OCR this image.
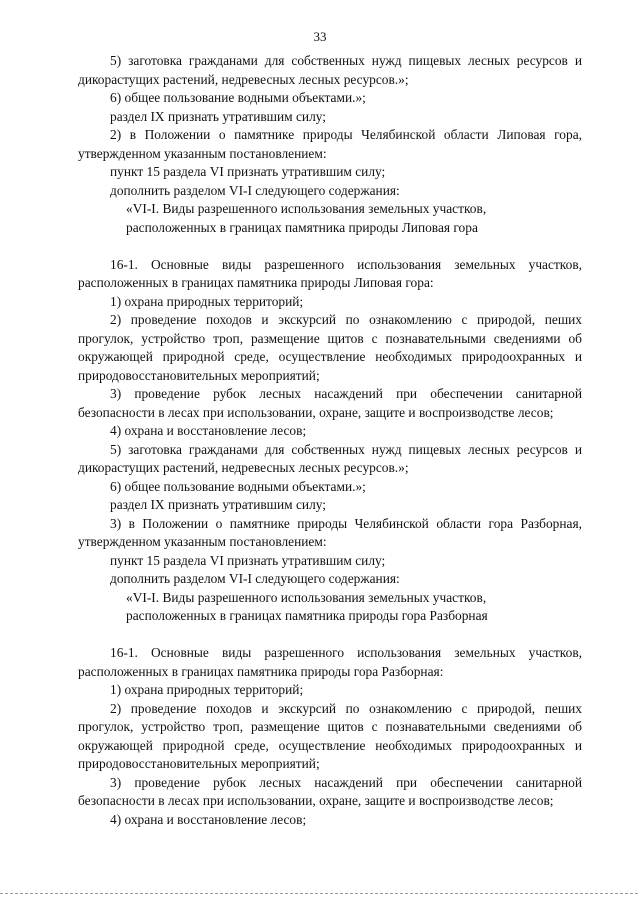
33

5) заготовка гражданами для собственных нужд пищевых лесных ресурсов и дикорастущих растений, недревесных лесных ресурсов.»;

6) общее пользование водными объектами.»;

раздел IX признать утратившим силу;

2) в Положении о памятнике природы Челябинской области Липовая гора, утвержденном указанным постановлением:

пункт 15 раздела VI признать утратившим силу;

дополнить разделом VI-I следующего содержания:

«VI-I. Виды разрешенного использования земельных участков,

расположенных в границах памятника природы Липовая гора

16-1. Основные виды разрешенного использования земельных участков, расположенных в границах памятника природы Липовая гора:

1) охрана природных территорий;

2) проведение походов и экскурсий по ознакомлению с природой, пеших прогулок, устройство троп, размещение щитов с познавательными сведениями об окружающей природной среде, осуществление необходимых природоохранных и природовосстановительных мероприятий;

3) проведение рубок лесных насаждений при обеспечении санитарной безопасности в лесах при использовании, охране, защите и воспроизводстве лесов;

4) охрана и восстановление лесов;

5) заготовка гражданами для собственных нужд пищевых лесных ресурсов и дикорастущих растений, недревесных лесных ресурсов.»;

6) общее пользование водными объектами.»;

раздел IX признать утратившим силу;

3) в Положении о памятнике природы Челябинской области гора Разборная, утвержденном указанным постановлением:

пункт 15 раздела VI признать утратившим силу;

дополнить разделом VI-I следующего содержания:

«VI-I. Виды разрешенного использования земельных участков,

расположенных в границах памятника природы гора Разборная

16-1. Основные виды разрешенного использования земельных участков, расположенных в границах памятника природы гора Разборная:

1) охрана природных территорий;

2) проведение походов и экскурсий по ознакомлению с природой, пеших прогулок, устройство троп, размещение щитов с познавательными сведениями об окружающей природной среде, осуществление необходимых природоохранных и природовосстановительных мероприятий;

3) проведение рубок лесных насаждений при обеспечении санитарной безопасности в лесах при использовании, охране, защите и воспроизводстве лесов;

4) охрана и восстановление лесов;
